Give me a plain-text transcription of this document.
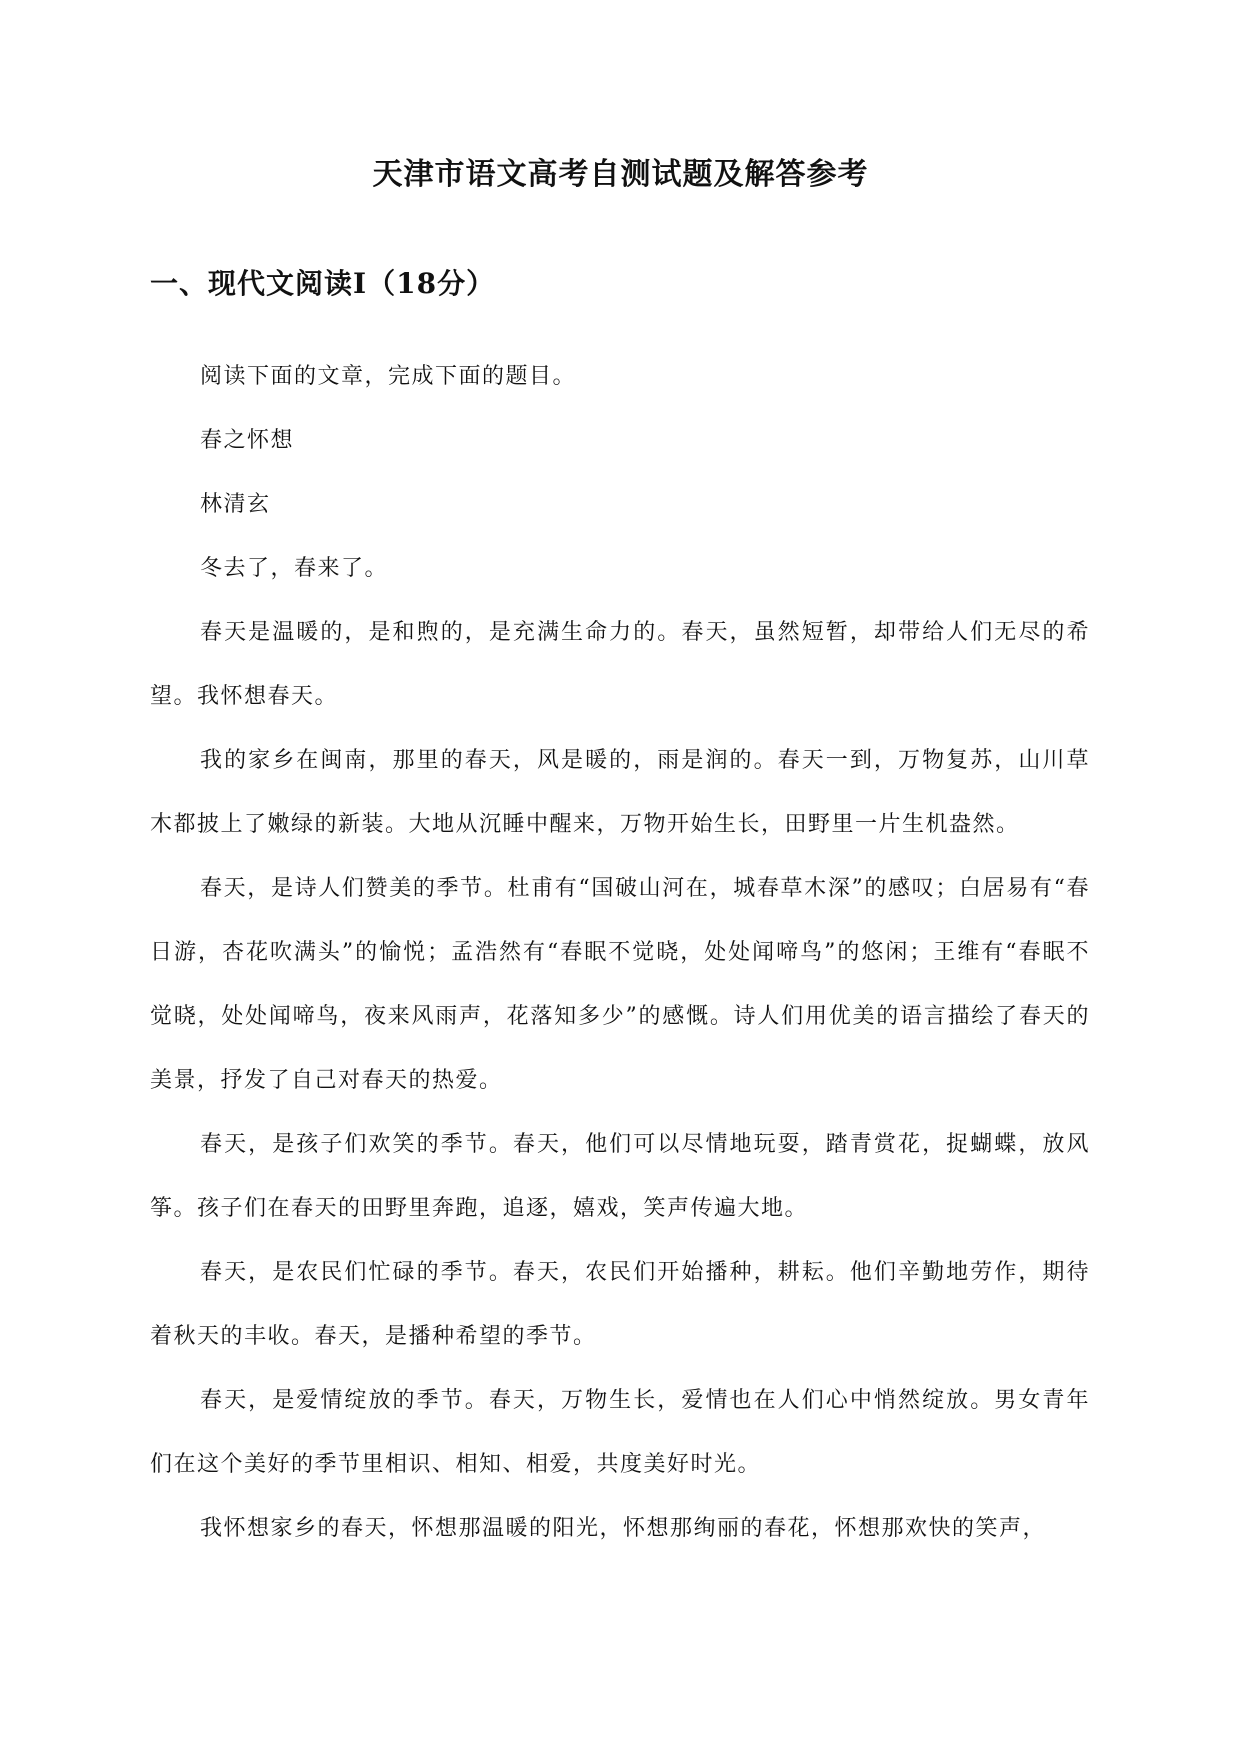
天津市语文高考自测试题及解答参考
一、现代文阅读Ⅰ（18分）

阅读下面的文章，完成下面的题目。

春之怀想

林清玄

冬去了，春来了。

春天是温暖的，是和煦的，是充满生命力的。春天，虽然短暂，却带给人们无尽的希望。我怀想春天。

我的家乡在闽南，那里的春天，风是暖的，雨是润的。春天一到，万物复苏，山川草木都披上了嫩绿的新装。大地从沉睡中醒来，万物开始生长，田野里一片生机盎然。

春天，是诗人们赞美的季节。杜甫有“国破山河在，城春草木深”的感叹；白居易有“春日游，杏花吹满头”的愉悦；孟浩然有“春眠不觉晓，处处闻啼鸟”的悠闲；王维有“春眠不觉晓，处处闻啼鸟，夜来风雨声，花落知多少”的感慨。诗人们用优美的语言描绘了春天的美景，抒发了自己对春天的热爱。

春天，是孩子们欢笑的季节。春天，他们可以尽情地玩耍，踏青赏花，捉蝴蝶，放风筝。孩子们在春天的田野里奔跑，追逐，嬉戏，笑声传遍大地。

春天，是农民们忙碌的季节。春天，农民们开始播种，耕耘。他们辛勤地劳作，期待着秋天的丰收。春天，是播种希望的季节。

春天，是爱情绽放的季节。春天，万物生长，爱情也在人们心中悄然绽放。男女青年们在这个美好的季节里相识、相知、相爱，共度美好时光。

我怀想家乡的春天，怀想那温暖的阳光，怀想那绚丽的春花，怀想那欢快的笑声，
